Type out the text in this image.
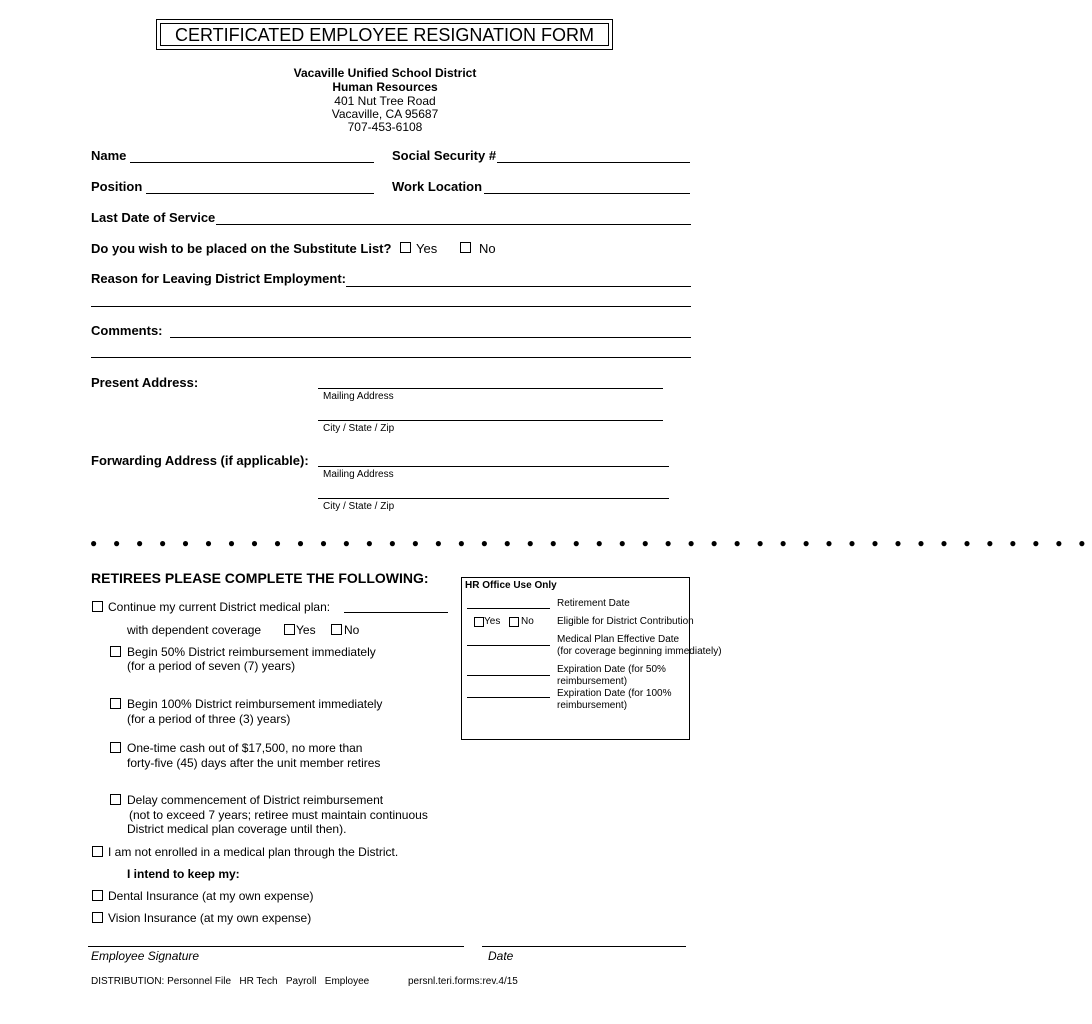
CERTIFICATED EMPLOYEE RESIGNATION FORM
Vacaville Unified School District
Human Resources
401 Nut Tree Road
Vacaville, CA 95687
707-453-6108
Name	Social Security #
Position	Work Location
Last Date of Service
Do you wish to be placed on the Substitute List? Yes	No
Reason for Leaving District Employment:
Comments:
Present Address:
Mailing Address
City / State / Zip
Forwarding Address (if applicable):
Mailing Address
City / State / Zip
● ● ● ● ● ● ● ● ● ● ● ● ● ● ● ● ● ● ● ● ● ● ● ● ● ● ● ● ● ● ● ● ● ● ● ● ● ● ● ● ● ● ● ●
RETIREES PLEASE COMPLETE THE FOLLOWING:
Continue my current District medical plan:
with dependent coverage	Yes No
Begin 50% District reimbursement immediately
(for a period of seven (7) years)
Begin 100% District reimbursement immediately
(for a period of three (3) years)
One-time cash out of $17,500, no more than
forty-five (45) days after the unit member retires
Delay commencement of District reimbursement
(not to exceed 7 years; retiree must maintain continuous
District medical plan coverage until then).
I am not enrolled in a medical plan through the District.
I intend to keep my:
Dental Insurance (at my own expense)
Vision Insurance (at my own expense)
HR Office Use Only
Retirement Date
Yes No Eligible for District Contribution
Medical Plan Effective Date
(for coverage beginning immediately)
Expiration Date (for 50%
reimbursement)
Expiration Date (for 100%
reimbursement)
Employee Signature	Date
DISTRIBUTION: Personnel File   HR Tech   Payroll   Employee	persnl.teri.forms:rev.4/15
